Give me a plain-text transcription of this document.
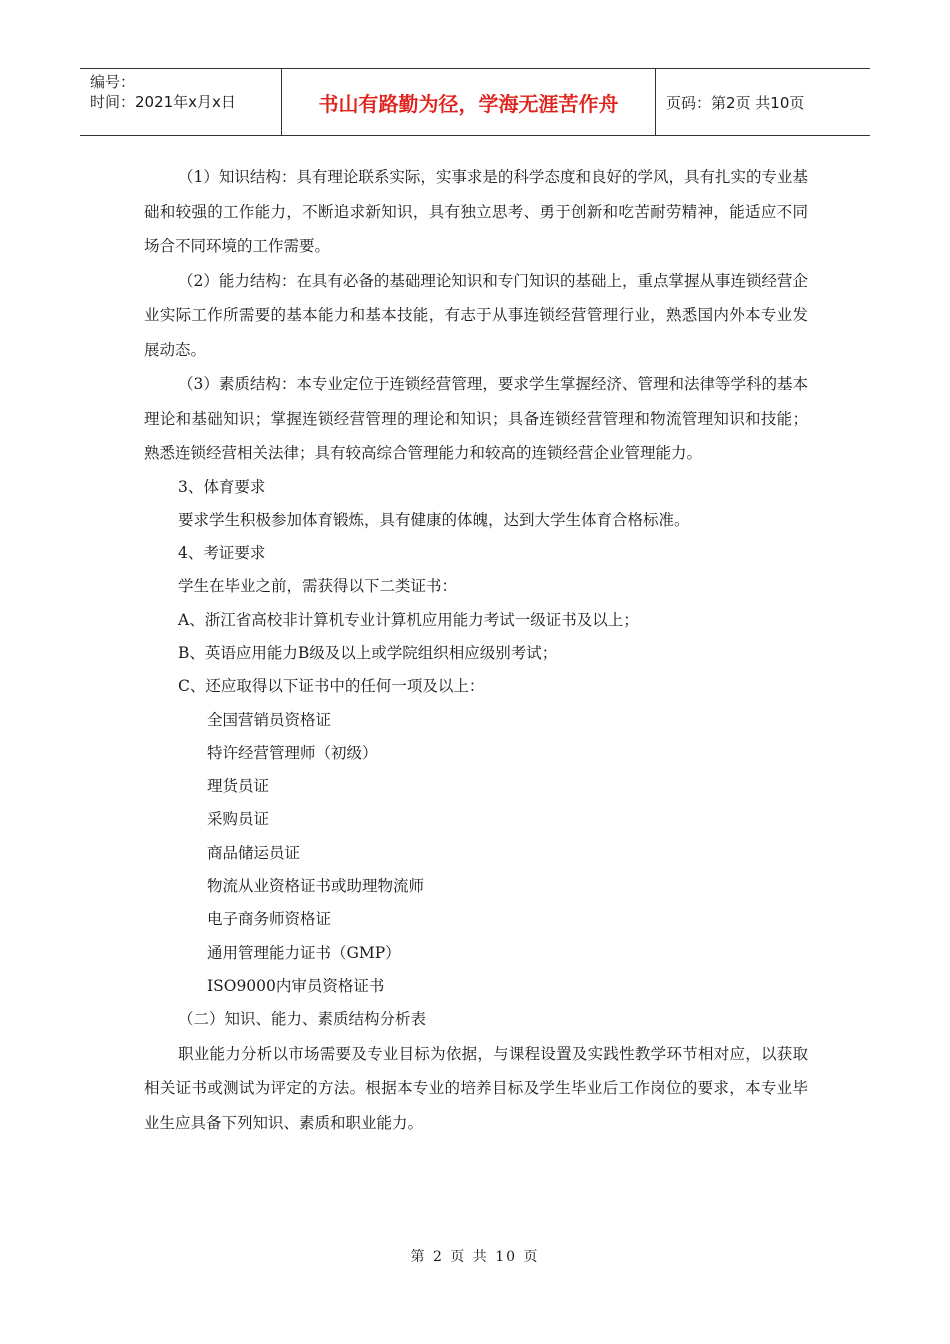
编号：
时间：2021年x月x日	书山有路勤为径，学海无涯苦作舟	页码：第2页 共10页

（1）知识结构：具有理论联系实际，实事求是的科学态度和良好的学风，具有扎实的专业基础和较强的工作能力，不断追求新知识，具有独立思考、勇于创新和吃苦耐劳精神，能适应不同场合不同环境的工作需要。

（2）能力结构：在具有必备的基础理论知识和专门知识的基础上，重点掌握从事连锁经营企业实际工作所需要的基本能力和基本技能，有志于从事连锁经营管理行业，熟悉国内外本专业发展动态。

（3）素质结构：本专业定位于连锁经营管理，要求学生掌握经济、管理和法律等学科的基本理论和基础知识；掌握连锁经营管理的理论和知识；具备连锁经营管理和物流管理知识和技能；熟悉连锁经营相关法律；具有较高综合管理能力和较高的连锁经营企业管理能力。

3、体育要求

要求学生积极参加体育锻炼，具有健康的体魄，达到大学生体育合格标准。

4、考证要求

学生在毕业之前，需获得以下二类证书：

A、浙江省高校非计算机专业计算机应用能力考试一级证书及以上；

B、英语应用能力B级及以上或学院组织相应级别考试；

C、还应取得以下证书中的任何一项及以上：

全国营销员资格证

特许经营管理师（初级）

理货员证

采购员证

商品储运员证

物流从业资格证书或助理物流师

电子商务师资格证

通用管理能力证书（GMP）

ISO9000内审员资格证书

（二）知识、能力、素质结构分析表

职业能力分析以市场需要及专业目标为依据，与课程设置及实践性教学环节相对应，以获取相关证书或测试为评定的方法。根据本专业的培养目标及学生毕业后工作岗位的要求，本专业毕业生应具备下列知识、素质和职业能力。

第 2 页 共 10 页
